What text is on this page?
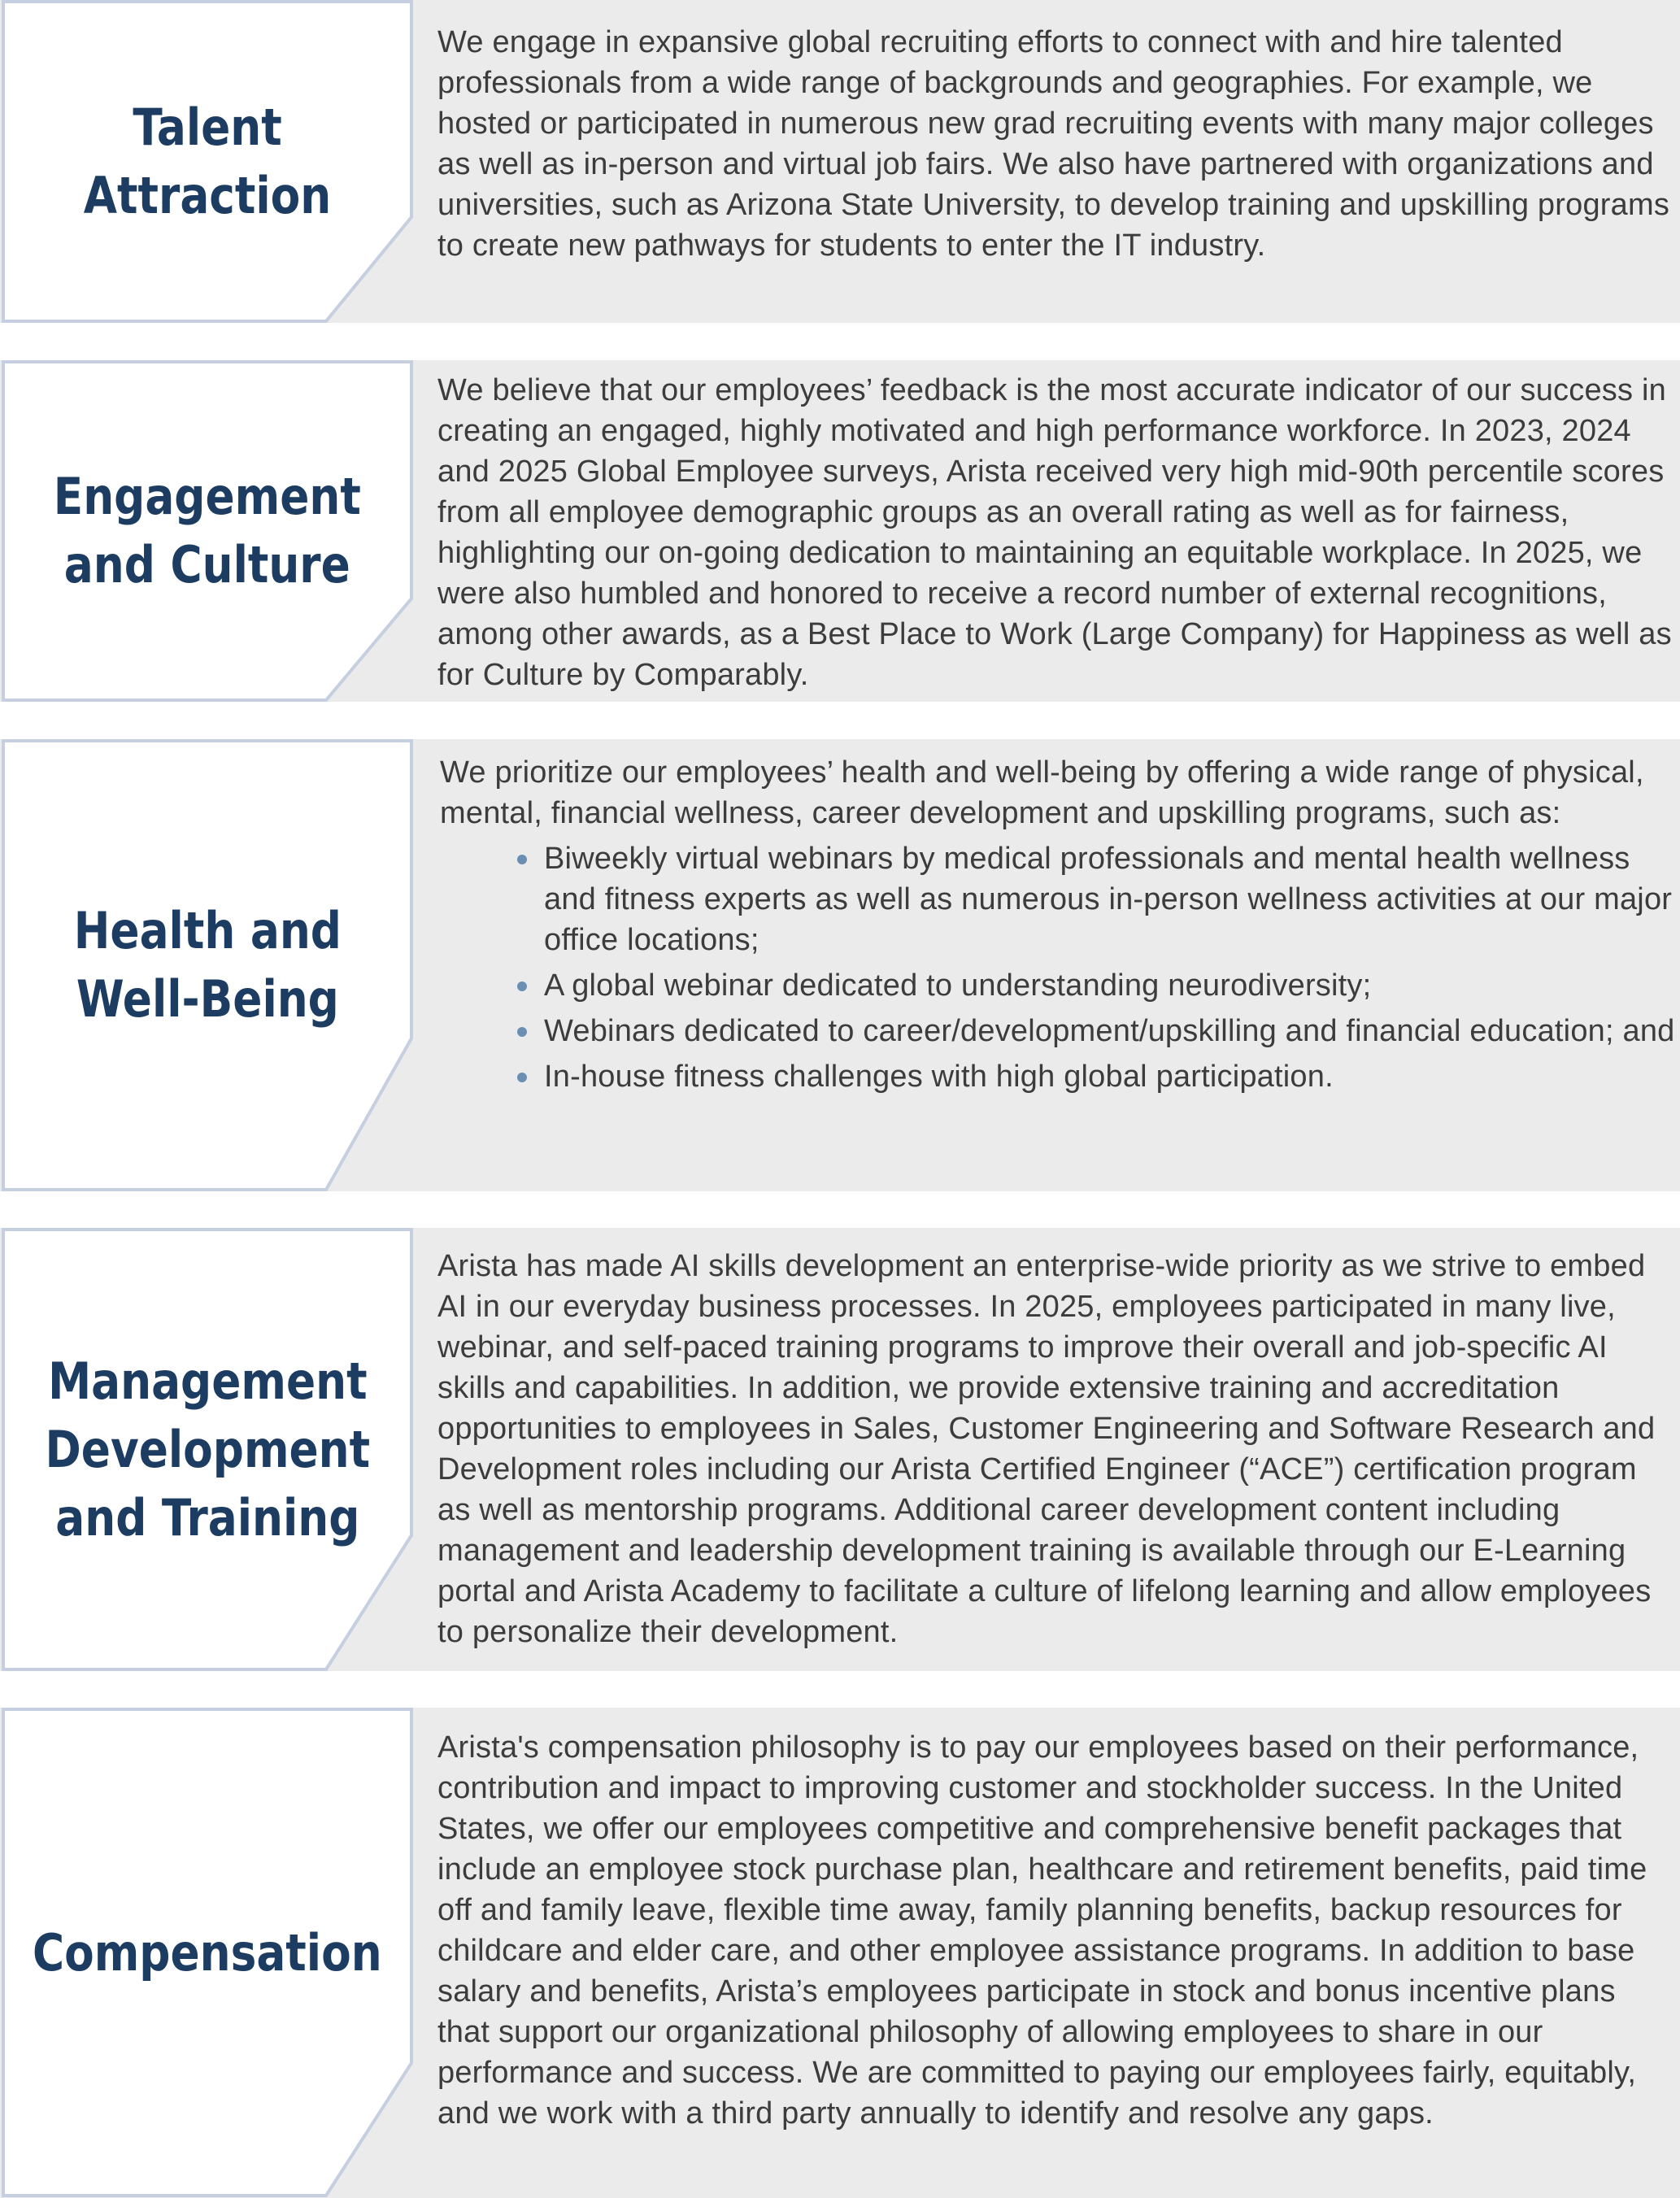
Talent
Attraction

We engage in expansive global recruiting efforts to connect with and hire talented professionals from a wide range of backgrounds and geographies. For example, we hosted or participated in numerous new grad recruiting events with many major colleges as well as in-person and virtual job fairs. We also have partnered with organizations and universities, such as Arizona State University, to develop training and upskilling programs to create new pathways for students to enter the IT industry.

Engagement
and Culture

We believe that our employees’ feedback is the most accurate indicator of our success in creating an engaged, highly motivated and high performance workforce. In 2023, 2024 and 2025 Global Employee surveys, Arista received very high mid-90th percentile scores from all employee demographic groups as an overall rating as well as for fairness, highlighting our on-going dedication to maintaining an equitable workplace. In 2025, we were also humbled and honored to receive a record number of external recognitions, among other awards, as a Best Place to Work (Large Company) for Happiness as well as for Culture by Comparably.

Health and
Well-Being

We prioritize our employees’ health and well-being by offering a wide range of physical, mental, financial wellness, career development and upskilling programs, such as:

Biweekly virtual webinars by medical professionals and mental health wellness and fitness experts as well as numerous in-person wellness activities at our major office locations;
A global webinar dedicated to understanding neurodiversity;
Webinars dedicated to career/development/upskilling and financial education; and
In-house fitness challenges with high global participation.
Management
Development
and Training

Arista has made AI skills development an enterprise-wide priority as we strive to embed AI in our everyday business processes. In 2025, employees participated in many live, webinar, and self-paced training programs to improve their overall and job-specific AI skills and capabilities. In addition, we provide extensive training and accreditation opportunities to employees in Sales, Customer Engineering and Software Research and Development roles including our Arista Certified Engineer (“ACE”) certification program as well as mentorship programs. Additional career development content including management and leadership development training is available through our E-Learning portal and Arista Academy to facilitate a culture of lifelong learning and allow employees to personalize their development.

Compensation

Arista's compensation philosophy is to pay our employees based on their performance, contribution and impact to improving customer and stockholder success. In the United States, we offer our employees competitive and comprehensive benefit packages that include an employee stock purchase plan, healthcare and retirement benefits, paid time off and family leave, flexible time away, family planning benefits, backup resources for childcare and elder care, and other employee assistance programs. In addition to base salary and benefits, Arista’s employees participate in stock and bonus incentive plans that support our organizational philosophy of allowing employees to share in our performance and success. We are committed to paying our employees fairly, equitably, and we work with a third party annually to identify and resolve any gaps.
